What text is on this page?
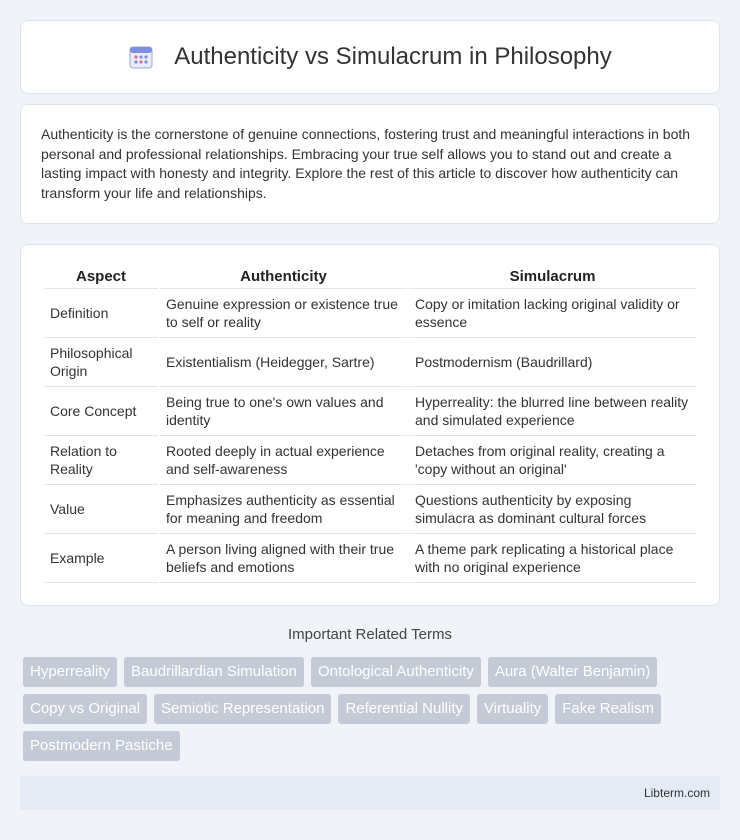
Authenticity vs Simulacrum in Philosophy

Authenticity is the cornerstone of genuine connections, fostering trust and meaningful interactions in both personal and professional relationships. Embracing your true self allows you to stand out and create a lasting impact with honesty and integrity. Explore the rest of this article to discover how authenticity can transform your life and relationships.

Aspect	Authenticity	Simulacrum
Definition	Genuine expression or existence true to self or reality	Copy or imitation lacking original validity or essence
Philosophical Origin	Existentialism (Heidegger, Sartre)	Postmodernism (Baudrillard)
Core Concept	Being true to one's own values and identity	Hyperreality: the blurred line between reality and simulated experience
Relation to Reality	Rooted deeply in actual experience and self-awareness	Detaches from original reality, creating a 'copy without an original'
Value	Emphasizes authenticity as essential for meaning and freedom	Questions authenticity by exposing simulacra as dominant cultural forces
Example	A person living aligned with their true beliefs and emotions	A theme park replicating a historical place with no original experience
Important Related Terms
Hyperreality	Baudrillardian Simulation	Ontological Authenticity	Aura (Walter Benjamin)
Copy vs Original	Semiotic Representation	Referential Nullity	Virtuality	Fake Realism
Postmodern Pastiche
Libterm.com
